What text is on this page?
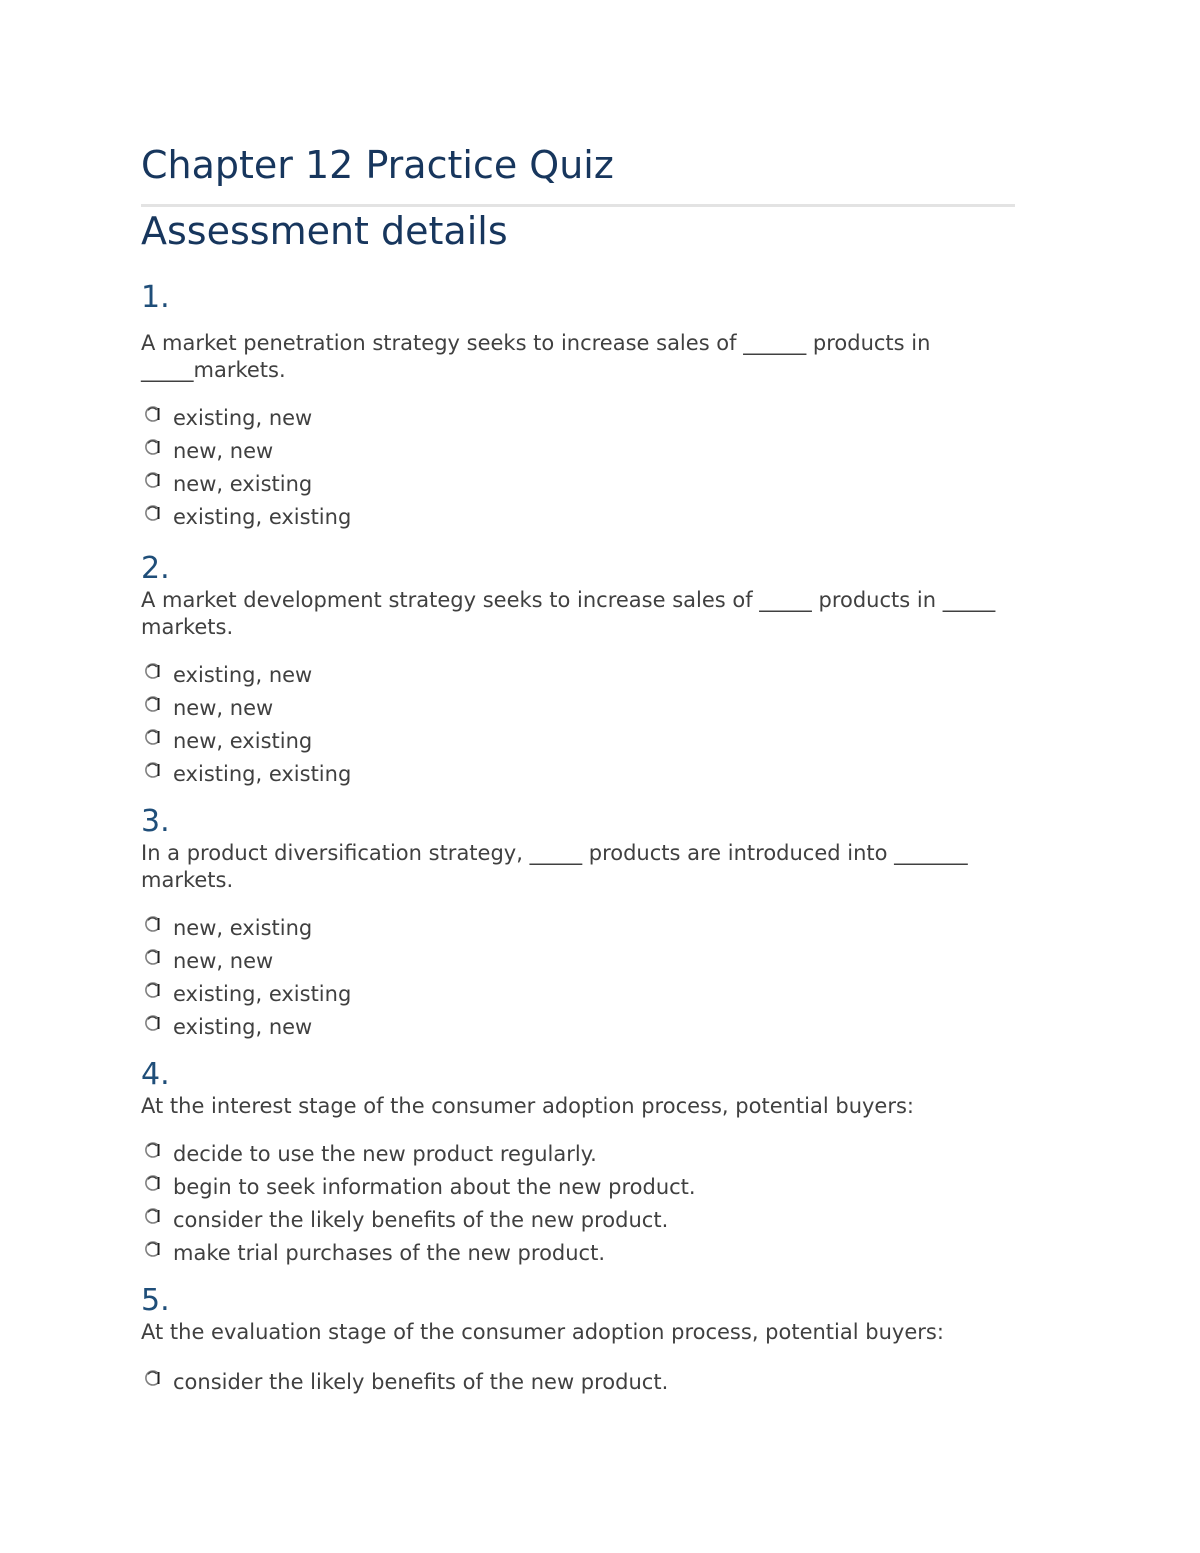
Chapter 12 Practice Quiz
Assessment details
1.

A market penetration strategy seeks to increase sales of ______ products in _____markets.

existing, new
new, new
new, existing
existing, existing
2.

A market development strategy seeks to increase sales of _____ products in _____ markets.

existing, new
new, new
new, existing
existing, existing
3.

In a product diversification strategy, _____ products are introduced into _______ markets.

new, existing
new, new
existing, existing
existing, new
4.

At the interest stage of the consumer adoption process, potential buyers:

decide to use the new product regularly.
begin to seek information about the new product.
consider the likely benefits of the new product.
make trial purchases of the new product.
5.

At the evaluation stage of the consumer adoption process, potential buyers:

consider the likely benefits of the new product.
